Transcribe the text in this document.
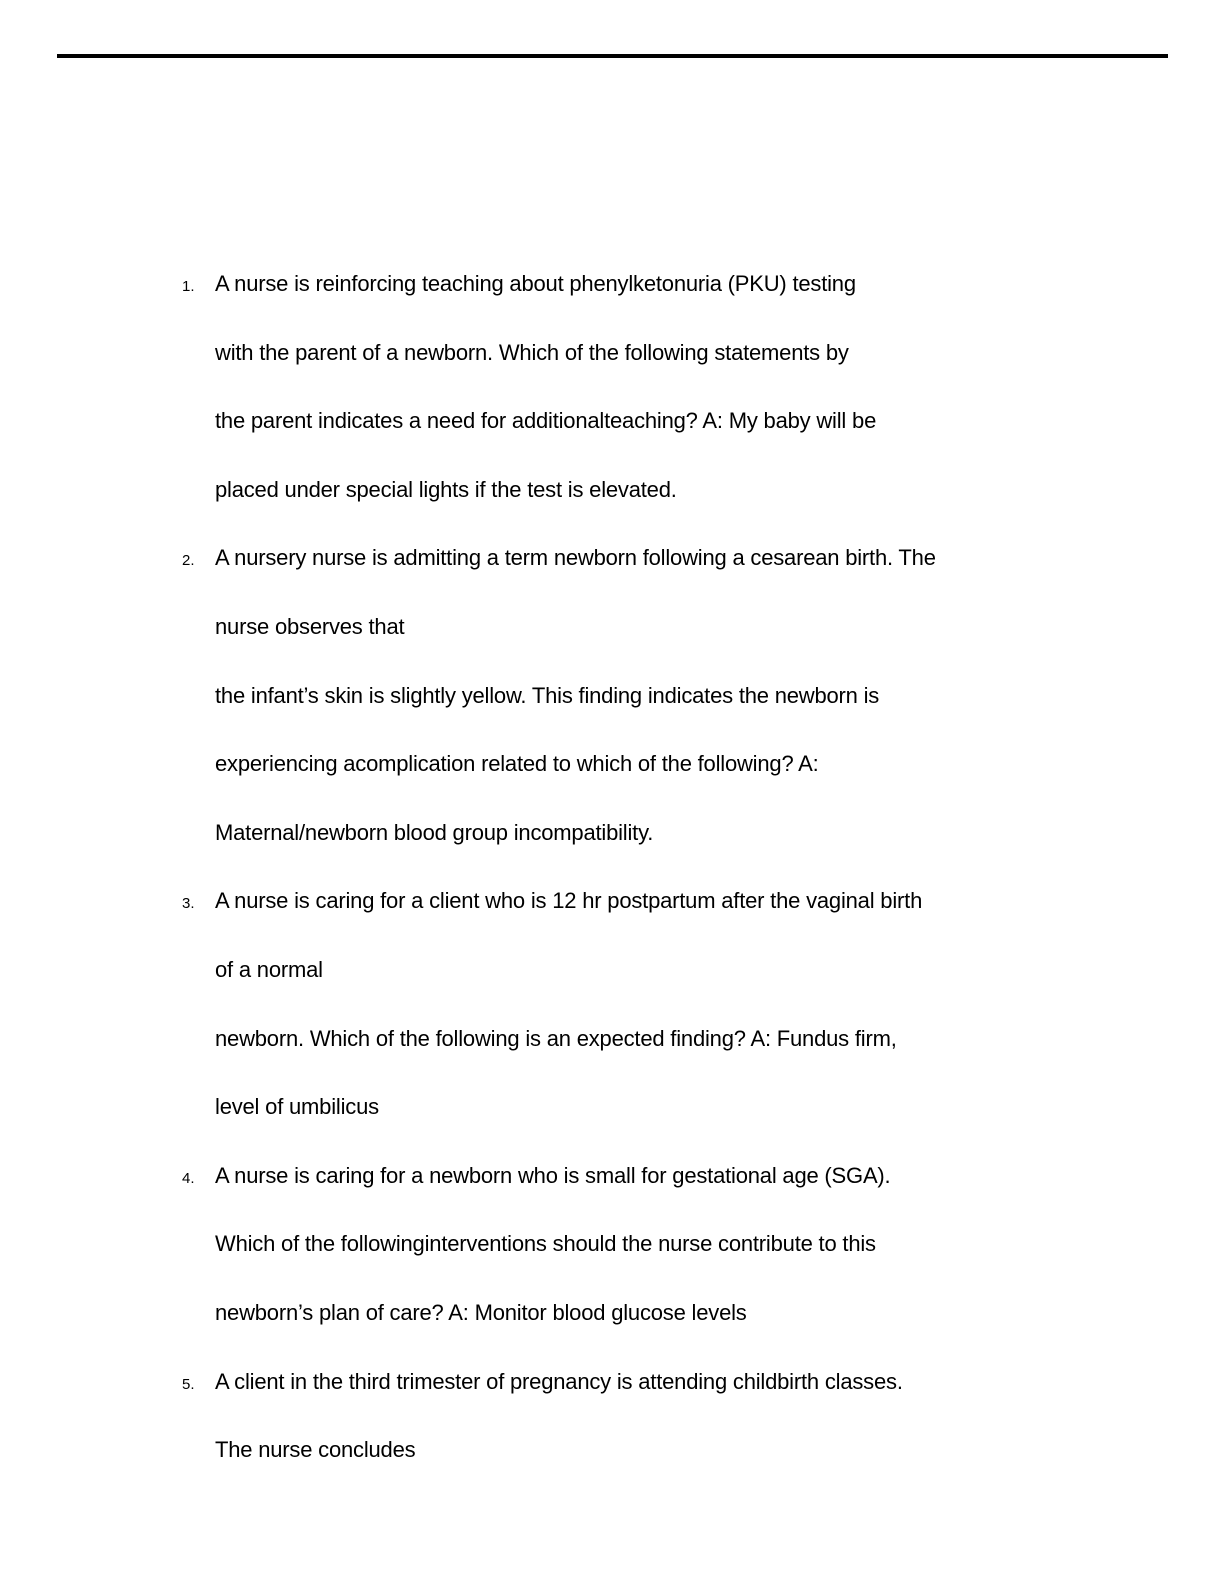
1. A nurse is reinforcing teaching about phenylketonuria (PKU) testing
with the parent of a newborn. Which of the following statements by
the parent indicates a need for additionalteaching? A: My baby will be
placed under special lights if the test is elevated.
2. A nursery nurse is admitting a term newborn following a cesarean birth. The
nurse observes that
the infant’s skin is slightly yellow. This finding indicates the newborn is
experiencing acomplication related to which of the following? A:
Maternal/newborn blood group incompatibility.
3. A nurse is caring for a client who is 12 hr postpartum after the vaginal birth
of a normal
newborn. Which of the following is an expected finding? A: Fundus firm,
level of umbilicus
4. A nurse is caring for a newborn who is small for gestational age (SGA).
Which of the followinginterventions should the nurse contribute to this
newborn’s plan of care? A: Monitor blood glucose levels
5. A client in the third trimester of pregnancy is attending childbirth classes.
The nurse concludes
